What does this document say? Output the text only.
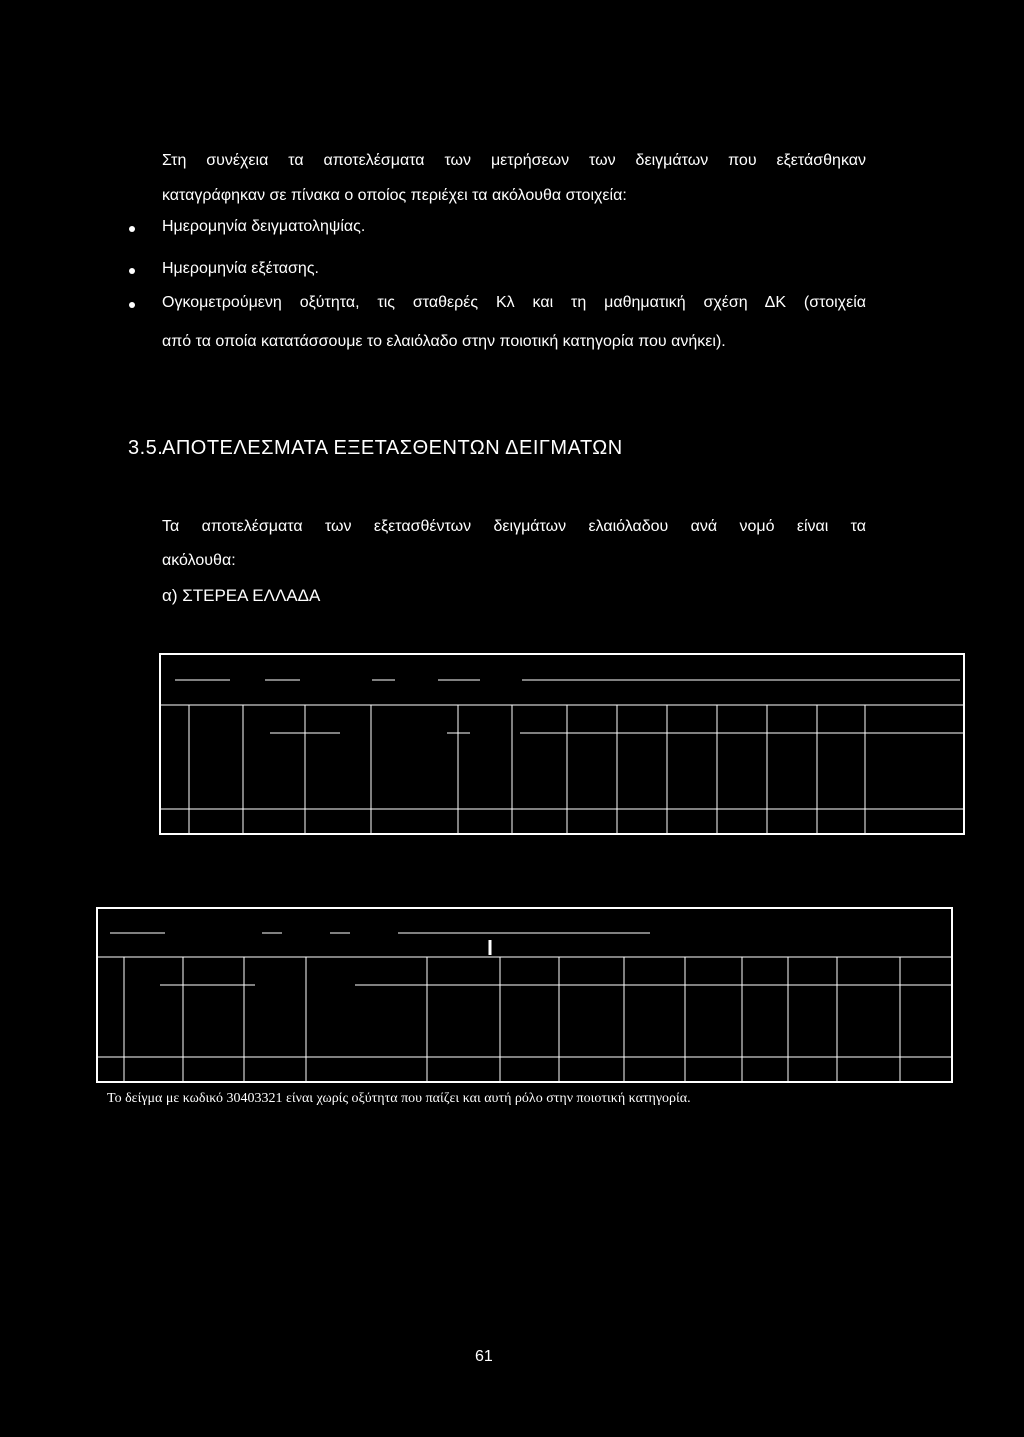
Στη συνέχεια τα αποτελέσματα των μετρήσεων των δειγμάτων που εξετάσθηκαν
καταγράφηκαν σε πίνακα ο οποίος περιέχει τα ακόλουθα στοιχεία:
Ημερομηνία δειγματοληψίας.
Ημερομηνία εξέτασης.
Ογκομετρούμενη οξύτητα, τις σταθερές Κλ και τη μαθηματική σχέση ΔΚ (στοιχεία
από τα οποία κατατάσσουμε το ελαιόλαδο στην ποιοτική κατηγορία που ανήκει).
3.5.
ΑΠΟΤΕΛΕΣΜΑΤΑ ΕΞΕΤΑΣΘΕΝΤΩΝ ΔΕΙΓΜΑΤΩΝ
Τα αποτελέσματα των εξετασθέντων δειγμάτων ελαιόλαδου ανά νομό είναι τα
ακόλουθα:
α) ΣΤΕΡΕΑ ΕΛΛΑΔΑ
Το δείγμα με κωδικό 30403321 είναι χωρίς οξύτητα που παίζει και αυτή ρόλο στην ποιοτική κατηγορία.
61
